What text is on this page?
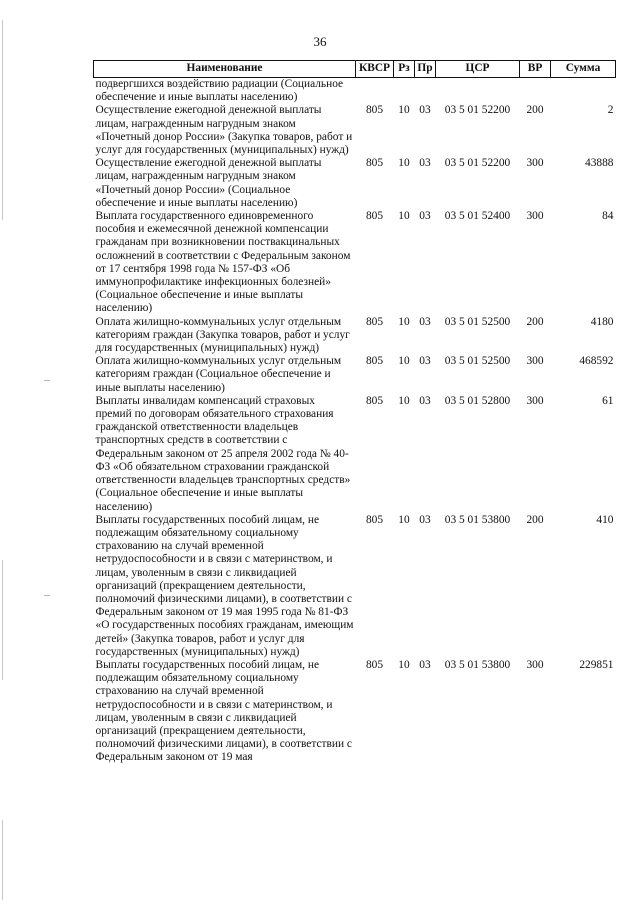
36
Наименование	КВСР	Рз	Пр	ЦСР	ВР	Сумма
подвергшихся воздействию радиации (Социальное обеспечение и иные выплаты населению)						
Осуществление ежегодной денежной выплаты лицам, награжденным нагрудным знаком «Почетный донор России» (Закупка товаров, работ и услуг для государственных (муниципальных) нужд)	805	10	03	03 5 01 52200	200	2
Осуществление ежегодной денежной выплаты лицам, награжденным нагрудным знаком «Почетный донор России» (Социальное обеспечение и иные выплаты населению)	805	10	03	03 5 01 52200	300	43888
Выплата государственного единовременного пособия и ежемесячной денежной компенсации гражданам при возникновении поствакцинальных осложнений в соответствии с Федеральным законом от 17 сентября 1998 года № 157-ФЗ «Об иммунопрофилактике инфекционных болезней» (Социальное обеспечение и иные выплаты населению)	805	10	03	03 5 01 52400	300	84
Оплата жилищно-коммунальных услуг отдельным категориям граждан (Закупка товаров, работ и услуг для государственных (муниципальных) нужд)	805	10	03	03 5 01 52500	200	4180
Оплата жилищно-коммунальных услуг отдельным категориям граждан (Социальное обеспечение и иные выплаты населению)	805	10	03	03 5 01 52500	300	468592
Выплаты инвалидам компенсаций страховых премий по договорам обязательного страхования гражданской ответственности владельцев транспортных средств в соответствии с Федеральным законом от 25 апреля 2002 года № 40-ФЗ «Об обязательном страховании гражданской ответственности владельцев транспортных средств» (Социальное обеспечение и иные выплаты населению)	805	10	03	03 5 01 52800	300	61
Выплаты государственных пособий лицам, не подлежащим обязательному социальному страхованию на случай временной нетрудоспособности и в связи с материнством, и лицам, уволенным в связи с ликвидацией организаций (прекращением деятельности, полномочий физическими лицами), в соответствии с Федеральным законом от 19 мая 1995 года № 81-ФЗ «О государственных пособиях гражданам, имеющим детей» (Закупка товаров, работ и услуг для государственных (муниципальных) нужд)	805	10	03	03 5 01 53800	200	410
Выплаты государственных пособий лицам, не подлежащим обязательному социальному страхованию на случай временной нетрудоспособности и в связи с материнством, и лицам, уволенным в связи с ликвидацией организаций (прекращением деятельности, полномочий физическими лицами), в соответствии с Федеральным законом от 19 мая	805	10	03	03 5 01 53800	300	229851
